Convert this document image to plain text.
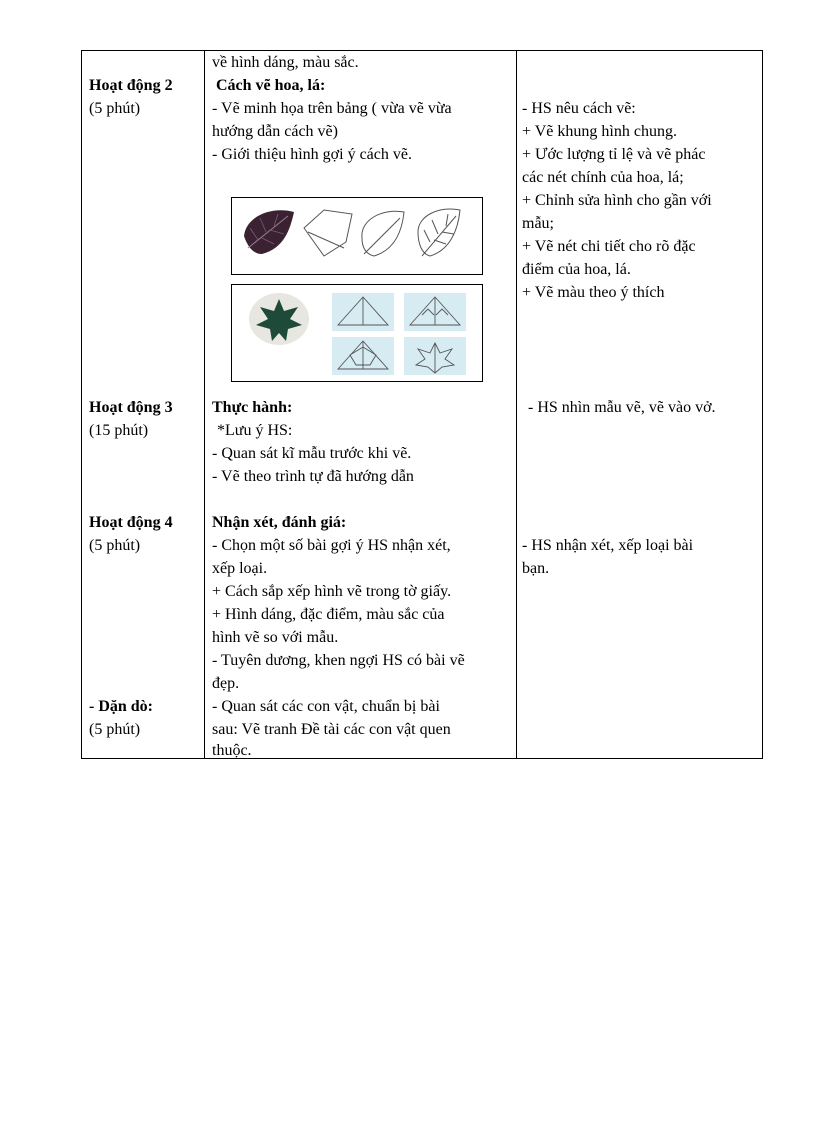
về hình dáng, màu sắc.
Hoạt động 2
(5 phút)
Cách vẽ hoa, lá:
- Vẽ minh họa trên bảng ( vừa vẽ vừa
hướng dẫn cách vẽ)
- Giới thiệu hình gợi ý cách vẽ.
- HS nêu cách vẽ:
+ Vẽ khung hình chung.
+ Ước lượng tỉ lệ và vẽ phác
các nét chính của hoa, lá;
+ Chỉnh sửa hình cho gần với
mẫu;
+ Vẽ nét chi tiết cho rõ đặc
điểm của hoa, lá.
+ Vẽ màu theo ý thích
Hoạt động 3
(15 phút)
Thực hành:
*Lưu ý HS:
- Quan sát kĩ mẫu trước khi vẽ.
- Vẽ theo trình tự đã hướng dẫn
- HS nhìn mẫu vẽ, vẽ vào vở.
Hoạt động 4
(5 phút)
Nhận xét, đánh giá:
- Chọn một số bài gợi ý HS nhận xét,
xếp loại.
+ Cách sắp xếp hình vẽ trong tờ giấy.
+ Hình dáng, đặc điểm, màu sắc của
hình vẽ so với mẫu.
- Tuyên dương, khen ngợi HS có bài vẽ
đẹp.
- HS nhận xét, xếp loại bài
bạn.
- Dặn dò:
(5 phút)
- Quan sát các con vật, chuẩn bị bài
sau: Vẽ tranh Đề tài các con vật quen
thuộc.
